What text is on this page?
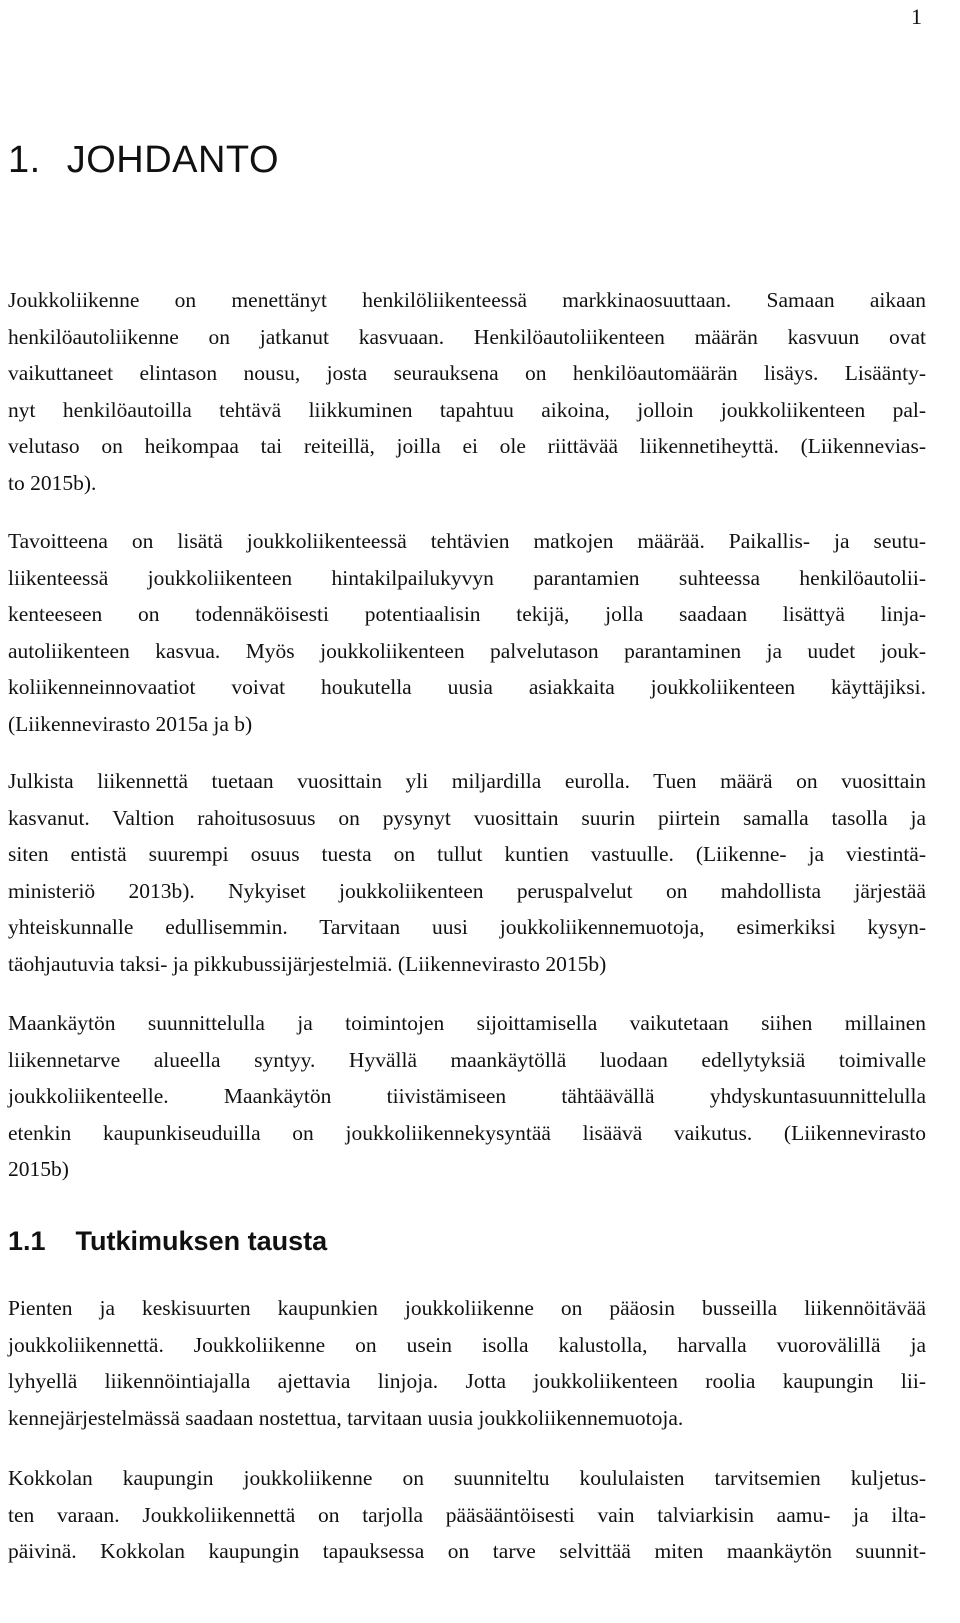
1
1. JOHDANTO
Joukkoliikenne on menettänyt henkilöliikenteessä markkinaosuuttaan. Samaan aikaan
henkilöautoliikenne on jatkanut kasvuaan. Henkilöautoliikenteen määrän kasvuun ovat
vaikuttaneet elintason nousu, josta seurauksena on henkilöautomäärän lisäys. Lisäänty-
nyt henkilöautoilla tehtävä liikkuminen tapahtuu aikoina, jolloin joukkoliikenteen pal-
velutaso on heikompaa tai reiteillä, joilla ei ole riittävää liikennetiheyttä. (Liikennevias-
to 2015b).
Tavoitteena on lisätä joukkoliikenteessä tehtävien matkojen määrää. Paikallis- ja seutu-
liikenteessä joukkoliikenteen hintakilpailukyvyn parantamien suhteessa henkilöautolii-
kenteeseen on todennäköisesti potentiaalisin tekijä, jolla saadaan lisättyä linja-
autoliikenteen kasvua. Myös joukkoliikenteen palvelutason parantaminen ja uudet jouk-
koliikenneinnovaatiot voivat houkutella uusia asiakkaita joukkoliikenteen käyttäjiksi.
(Liikennevirasto 2015a ja b)
Julkista liikennettä tuetaan vuosittain yli miljardilla eurolla. Tuen määrä on vuosittain
kasvanut. Valtion rahoitusosuus on pysynyt vuosittain suurin piirtein samalla tasolla ja
siten entistä suurempi osuus tuesta on tullut kuntien vastuulle. (Liikenne- ja viestintä-
ministeriö 2013b). Nykyiset joukkoliikenteen peruspalvelut on mahdollista järjestää
yhteiskunnalle edullisemmin. Tarvitaan uusi joukkoliikennemuotoja, esimerkiksi kysyn-
täohjautuvia taksi- ja pikkubussijärjestelmiä. (Liikennevirasto 2015b)
Maankäytön suunnittelulla ja toimintojen sijoittamisella vaikutetaan siihen millainen
liikennetarve alueella syntyy. Hyvällä maankäytöllä luodaan edellytyksiä toimivalle
joukkoliikenteelle. Maankäytön tiivistämiseen tähtäävällä yhdyskuntasuunnittelulla
etenkin kaupunkiseuduilla on joukkoliikennekysyntää lisäävä vaikutus. (Liikennevirasto
2015b)
1.1 Tutkimuksen tausta
Pienten ja keskisuurten kaupunkien joukkoliikenne on pääosin busseilla liikennöitävää
joukkoliikennettä. Joukkoliikenne on usein isolla kalustolla, harvalla vuorovälillä ja
lyhyellä liikennöintiajalla ajettavia linjoja. Jotta joukkoliikenteen roolia kaupungin lii-
kennejärjestelmässä saadaan nostettua, tarvitaan uusia joukkoliikennemuotoja.
Kokkolan kaupungin joukkoliikenne on suunniteltu koululaisten tarvitsemien kuljetus-
ten varaan. Joukkoliikennettä on tarjolla pääsääntöisesti vain talviarkisin aamu- ja ilta-
päivinä. Kokkolan kaupungin tapauksessa on tarve selvittää miten maankäytön suunnit-
